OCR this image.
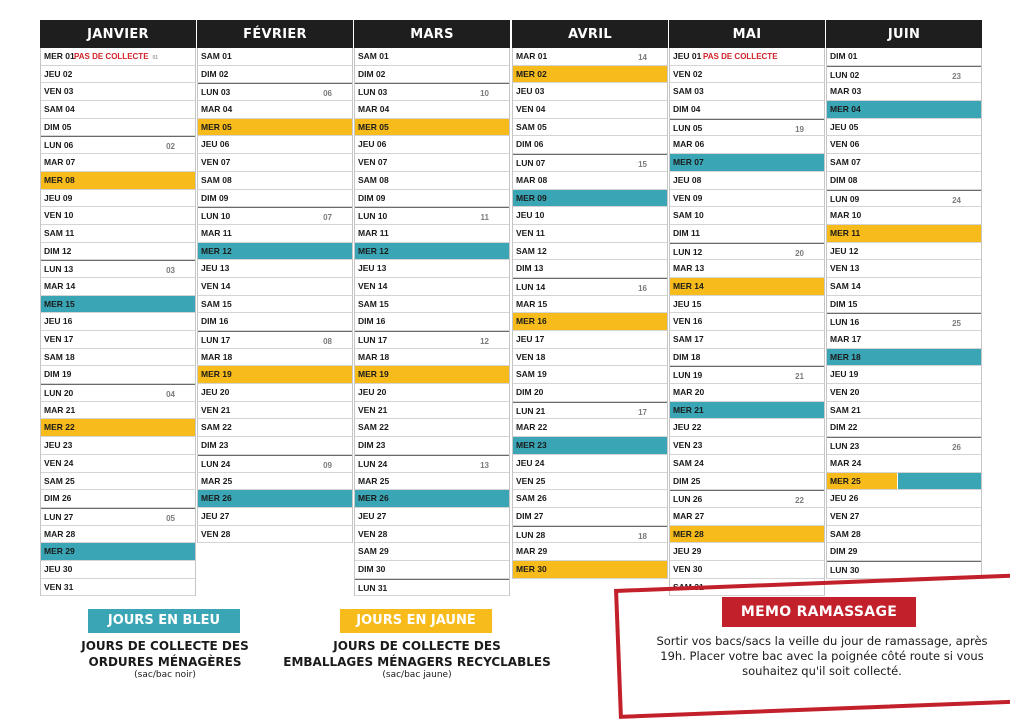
JANVIER
MER 01PAS DE COLLECTE 01
JEU 02
VEN 03
SAM 04
DIM 05
LUN 06	02
MAR 07
MER 08
JEU 09
VEN 10
SAM 11
DIM 12
LUN 13	03
MAR 14
MER 15
JEU 16
VEN 17
SAM 18
DIM 19
LUN 20	04
MAR 21
MER 22
JEU 23
VEN 24
SAM 25
DIM 26
LUN 27	05
MAR 28
MER 29
JEU 30
VEN 31
FÉVRIER
SAM 01
DIM 02
LUN 03	06
MAR 04
MER 05
JEU 06
VEN 07
SAM 08
DIM 09
LUN 10	07
MAR 11
MER 12
JEU 13
VEN 14
SAM 15
DIM 16
LUN 17	08
MAR 18
MER 19
JEU 20
VEN 21
SAM 22
DIM 23
LUN 24	09
MAR 25
MER 26
JEU 27
VEN 28
MARS
SAM 01
DIM 02
LUN 03	10
MAR 04
MER 05
JEU 06
VEN 07
SAM 08
DIM 09
LUN 10	11
MAR 11
MER 12
JEU 13
VEN 14
SAM 15
DIM 16
LUN 17	12
MAR 18
MER 19
JEU 20
VEN 21
SAM 22
DIM 23
LUN 24	13
MAR 25
MER 26
JEU 27
VEN 28
SAM 29
DIM 30
LUN 31
AVRIL
MAR 01	14
MER 02
JEU 03
VEN 04
SAM 05
DIM 06
LUN 07	15
MAR 08
MER 09
JEU 10
VEN 11
SAM 12
DIM 13
LUN 14	16
MAR 15
MER 16
JEU 17
VEN 18
SAM 19
DIM 20
LUN 21	17
MAR 22
MER 23
JEU 24
VEN 25
SAM 26
DIM 27
LUN 28	18
MAR 29
MER 30
MAI
JEU 01 PAS DE COLLECTE
VEN 02
SAM 03
DIM 04
LUN 05	19
MAR 06
MER 07
JEU 08
VEN 09
SAM 10
DIM 11
LUN 12	20
MAR 13
MER 14
JEU 15
VEN 16
SAM 17
DIM 18
LUN 19	21
MAR 20
MER 21
JEU 22
VEN 23
SAM 24
DIM 25
LUN 26	22
MAR 27
MER 28
JEU 29
VEN 30
SAM 31
JUIN
DIM 01
LUN 02	23
MAR 03
MER 04
JEU 05
VEN 06
SAM 07
DIM 08
LUN 09	24
MAR 10
MER 11
JEU 12
VEN 13
SAM 14
DIM 15
LUN 16	25
MAR 17
MER 18
JEU 19
VEN 20
SAM 21
DIM 22
LUN 23	26
MAR 24
MER 25
JEU 26
VEN 27
SAM 28
DIM 29
LUN 30
JOURS EN BLEU
JOURS DE COLLECTE DES
ORDURES MÉNAGÈRES
(sac/bac noir)
JOURS EN JAUNE
JOURS DE COLLECTE DES
EMBALLAGES MÉNAGERS RECYCLABLES
(sac/bac jaune)
MEMO RAMASSAGE
Sortir vos bacs/sacs la veille du jour de ramassage, après 19h. Placer votre bac avec la poignée côté route si vous souhaitez qu'il soit collecté.
